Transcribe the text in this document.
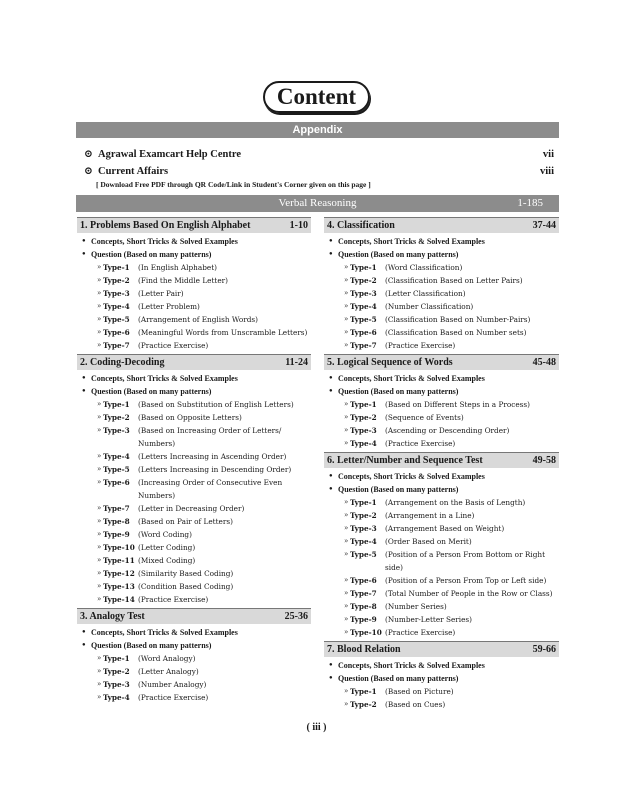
Content
Appendix
⊙ Agrawal Examcart Help Centre	vii
⊙ Current Affairs	viii
[ Download Free PDF through QR Code/Link in Student's Corner given on this page ]
Verbal Reasoning	1-185
1. Problems Based On English Alphabet	1-10
● Concepts, Short Tricks & Solved Examples
● Question (Based on many patterns)
» Type-1 (In English Alphabet)
» Type-2 (Find the Middle Letter)
» Type-3 (Letter Pair)
» Type-4 (Letter Problem)
» Type-5 (Arrangement of English Words)
» Type-6 (Meaningful Words from Unscramble Letters)
» Type-7 (Practice Exercise)
2. Coding-Decoding	11-24
● Concepts, Short Tricks & Solved Examples
● Question (Based on many patterns)
» Type-1 (Based on Substitution of English Letters)
» Type-2 (Based on Opposite Letters)
» Type-3 (Based on Increasing Order of Letters/ Numbers)
» Type-4 (Letters Increasing in Ascending Order)
» Type-5 (Letters Increasing in Descending Order)
» Type-6 (Increasing Order of Consecutive Even Numbers)
» Type-7 (Letter in Decreasing Order)
» Type-8 (Based on Pair of Letters)
» Type-9 (Word Coding)
» Type-10 (Letter Coding)
» Type-11 (Mixed Coding)
» Type-12 (Similarity Based Coding)
» Type-13 (Condition Based Coding)
» Type-14 (Practice Exercise)
3. Analogy Test	25-36
● Concepts, Short Tricks & Solved Examples
● Question (Based on many patterns)
» Type-1 (Word Analogy)
» Type-2 (Letter Analogy)
» Type-3 (Number Analogy)
» Type-4 (Practice Exercise)
4. Classification	37-44
● Concepts, Short Tricks & Solved Examples
● Question (Based on many patterns)
» Type-1 (Word Classification)
» Type-2 (Classification Based on Letter Pairs)
» Type-3 (Letter Classification)
» Type-4 (Number Classification)
» Type-5 (Classification Based on Number-Pairs)
» Type-6 (Classification Based on Number sets)
» Type-7 (Practice Exercise)
5. Logical Sequence of Words	45-48
● Concepts, Short Tricks & Solved Examples
● Question (Based on many patterns)
» Type-1 (Based on Different Steps in a Process)
» Type-2 (Sequence of Events)
» Type-3 (Ascending or Descending Order)
» Type-4 (Practice Exercise)
6. Letter/Number and Sequence Test	49-58
● Concepts, Short Tricks & Solved Examples
● Question (Based on many patterns)
» Type-1 (Arrangement on the Basis of Length)
» Type-2 (Arrangement in a Line)
» Type-3 (Arrangement Based on Weight)
» Type-4 (Order Based on Merit)
» Type-5 (Position of a Person From Bottom or Right side)
» Type-6 (Position of a Person From Top or Left side)
» Type-7 (Total Number of People in the Row or Class)
» Type-8 (Number Series)
» Type-9 (Number-Letter Series)
» Type-10 (Practice Exercise)
7. Blood Relation	59-66
● Concepts, Short Tricks & Solved Examples
● Question (Based on many patterns)
» Type-1 (Based on Picture)
» Type-2 (Based on Cues)
( iii )
